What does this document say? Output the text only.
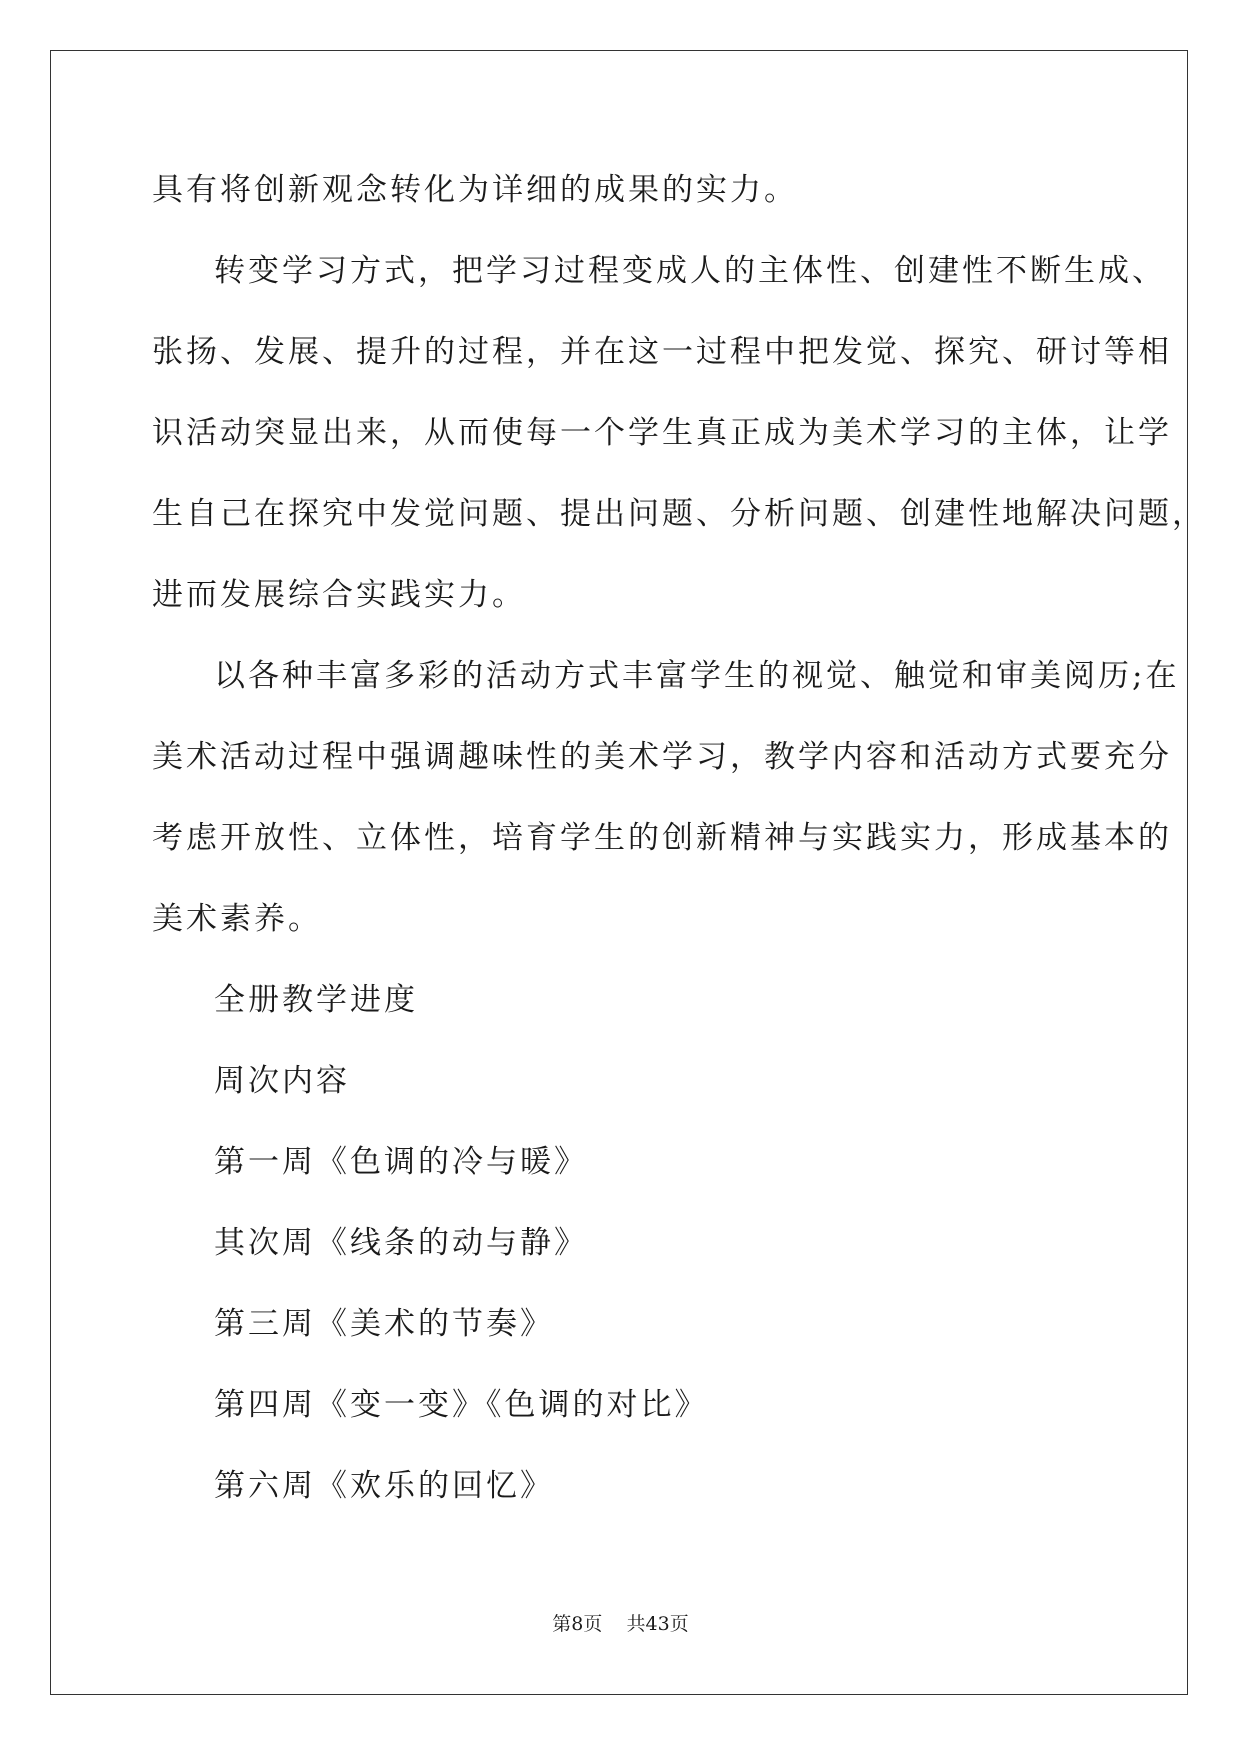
具有将创新观念转化为详细的成果的实力。
转变学习方式，把学习过程变成人的主体性、创建性不断生成、
张扬、发展、提升的过程，并在这一过程中把发觉、探究、研讨等相
识活动突显出来，从而使每一个学生真正成为美术学习的主体，让学
生自己在探究中发觉问题、提出问题、分析问题、创建性地解决问题，
进而发展综合实践实力。
以各种丰富多彩的活动方式丰富学生的视觉、触觉和审美阅历;在
美术活动过程中强调趣味性的美术学习，教学内容和活动方式要充分
考虑开放性、立体性，培育学生的创新精神与实践实力，形成基本的
美术素养。
全册教学进度
周次内容
第一周《色调的冷与暖》
其次周《线条的动与静》
第三周《美术的节奏》
第四周《变一变》《色调的对比》
第六周《欢乐的回忆》
第8页 共43页
